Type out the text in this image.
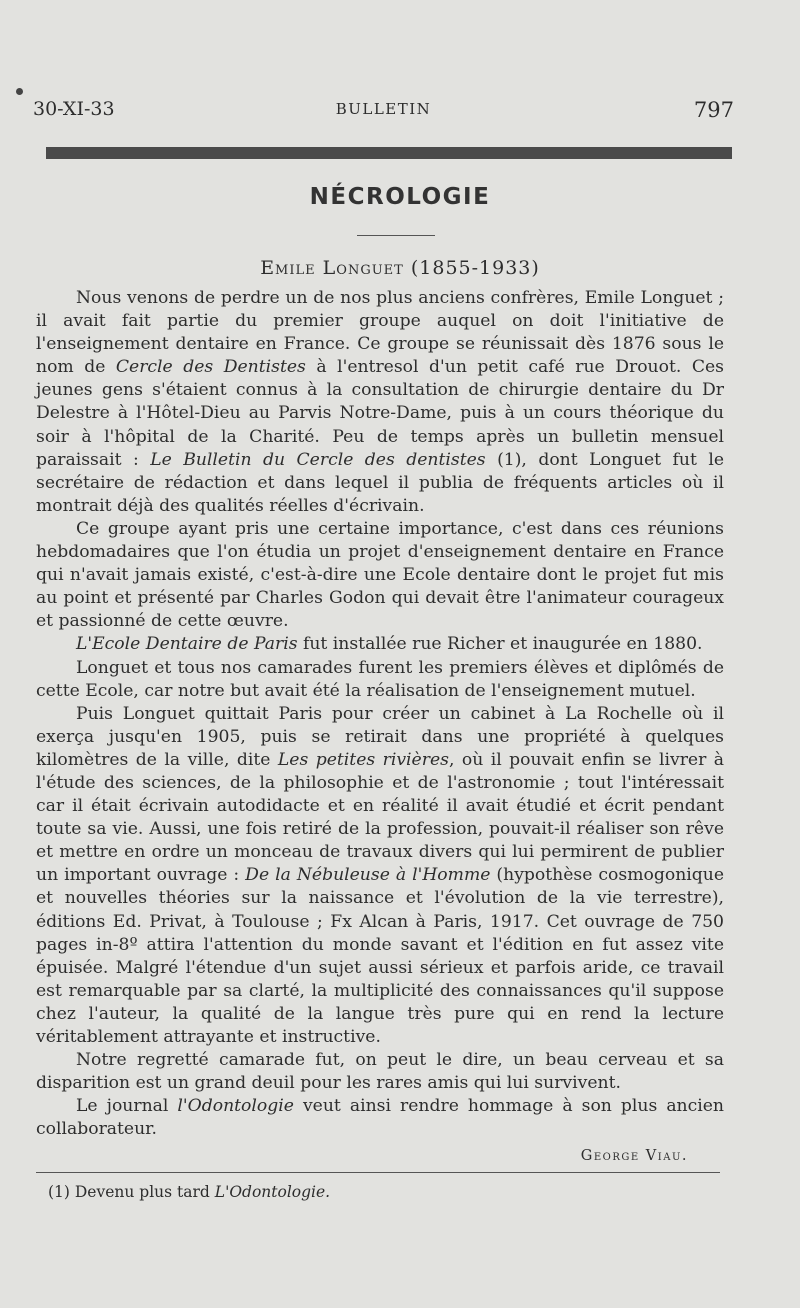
30-XI-33	BULLETIN	797
NÉCROLOGIE
Emile Longuet (1855-1933)

Nous venons de perdre un de nos plus anciens confrères, Emile Longuet ; il avait fait partie du premier groupe auquel on doit l'initiative de l'enseignement dentaire en France. Ce groupe se réunissait dès 1876 sous le nom de Cercle des Dentistes à l'entresol d'un petit café rue Drouot. Ces jeunes gens s'étaient connus à la consultation de chirurgie dentaire du Dr Delestre à l'Hôtel-Dieu au Parvis Notre-Dame, puis à un cours théorique du soir à l'hôpital de la Charité. Peu de temps après un bulletin mensuel paraissait : Le Bulletin du Cercle des dentistes (1), dont Longuet fut le secrétaire de rédaction et dans lequel il publia de fréquents articles où il montrait déjà des qualités réelles d'écrivain.

Ce groupe ayant pris une certaine importance, c'est dans ces réunions hebdomadaires que l'on étudia un projet d'enseignement dentaire en France qui n'avait jamais existé, c'est-à-dire une Ecole dentaire dont le projet fut mis au point et présenté par Charles Godon qui devait être l'animateur courageux et passionné de cette œuvre.

L'Ecole Dentaire de Paris fut installée rue Richer et inaugurée en 1880.

Longuet et tous nos camarades furent les premiers élèves et diplômés de cette Ecole, car notre but avait été la réalisation de l'enseignement mutuel.

Puis Longuet quittait Paris pour créer un cabinet à La Rochelle où il exerça jusqu'en 1905, puis se retirait dans une propriété à quelques kilomètres de la ville, dite Les petites rivières, où il pouvait enfin se livrer à l'étude des sciences, de la philosophie et de l'astronomie ; tout l'intéressait car il était écrivain autodidacte et en réalité il avait étudié et écrit pendant toute sa vie. Aussi, une fois retiré de la profession, pouvait-il réaliser son rêve et mettre en ordre un monceau de travaux divers qui lui permirent de publier un important ouvrage : De la Nébuleuse à l'Homme (hypothèse cosmogonique et nouvelles théories sur la naissance et l'évolution de la vie terrestre), éditions Ed. Privat, à Toulouse ; Fx Alcan à Paris, 1917. Cet ouvrage de 750 pages in-8º attira l'attention du monde savant et l'édition en fut assez vite épuisée. Malgré l'étendue d'un sujet aussi sérieux et parfois aride, ce travail est remarquable par sa clarté, la multiplicité des connaissances qu'il suppose chez l'auteur, la qualité de la langue très pure qui en rend la lecture véritablement attrayante et instructive.

Notre regretté camarade fut, on peut le dire, un beau cerveau et sa disparition est un grand deuil pour les rares amis qui lui survivent.

Le journal l'Odontologie veut ainsi rendre hommage à son plus ancien collaborateur.

George Viau.
(1) Devenu plus tard L'Odontologie.
